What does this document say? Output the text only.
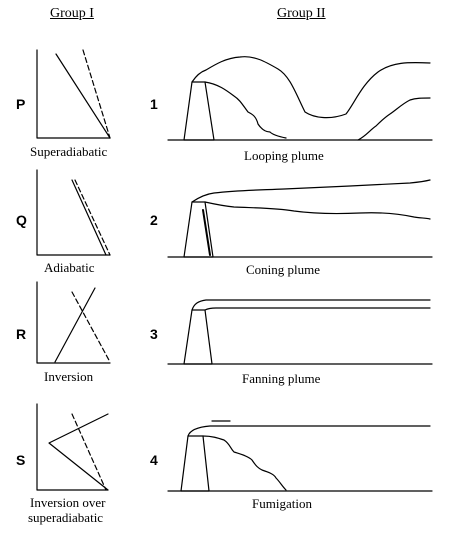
Group I	Group II
P
Q
R
S
1
2
3
4
Superadiabatic
Adiabatic
Inversion
Inversion over
superadiabatic
Looping plume
Coning plume
Fanning plume
Fumigation
